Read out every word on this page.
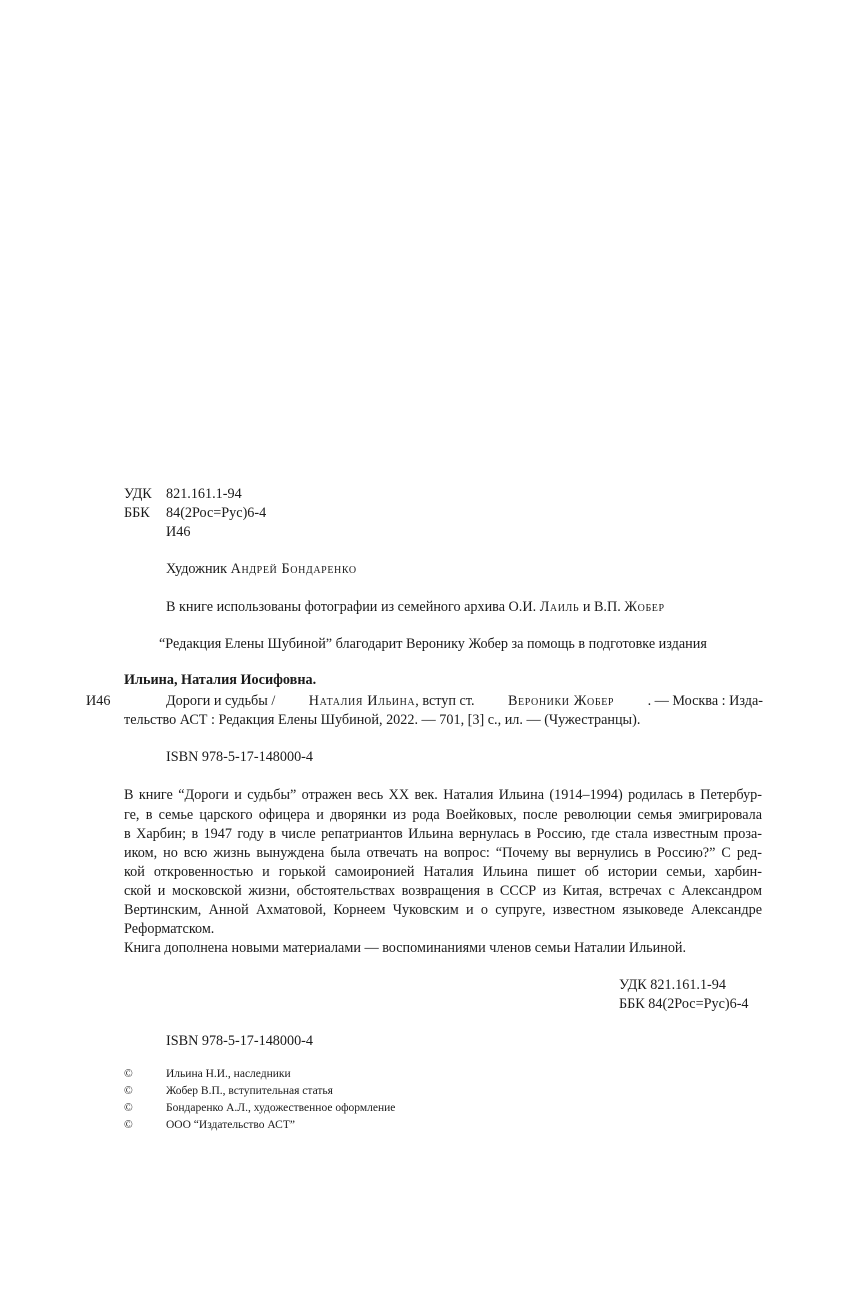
УДК 821.161.1-94
ББК 84(2Рос=Рус)6-4
И46
Художник Андрей Бондаренко
В книге использованы фотографии из семейного архива О.И. Лаиль и В.П. Жобер
“Редакция Елены Шубиной” благодарит Веронику Жобер за помощь в подготовке издания
Ильина, Наталия Иосифовна.
И46	Дороги и судьбы / Наталия Ильина, вступ ст. Вероники Жобер . — Москва : Изда-
тельство АСТ : Редакция Елены Шубиной, 2022. — 701, [3] с., ил. — (Чужестранцы).
ISBN 978-5-17-148000-4
В книге “Дороги и судьбы” отражен весь XX век. Наталия Ильина (1914–1994) родилась в Петербур-
ге, в семье царского офицера и дворянки из рода Воейковых, после революции семья эмигрировала
в Харбин; в 1947 году в числе репатриантов Ильина вернулась в Россию, где стала известным проза-
иком, но всю жизнь вынуждена была отвечать на вопрос: “Почему вы вернулись в Россию?” С ред-
кой откровенностью и горькой самоиронией Наталия Ильина пишет об истории семьи, харбин-
ской и московской жизни, обстоятельствах возвращения в СССР из Китая, встречах с Александром
Вертинским, Анной Ахматовой, Корнеем Чуковским и о супруге, известном языковеде Александре
Реформатском.
Книга дополнена новыми материалами — воспоминаниями членов семьи Наталии Ильиной.
УДК 821.161.1-94
ББК 84(2Рос=Рус)6-4
ISBN 978-5-17-148000-4
©	Ильина Н.И., наследники
©	Жобер В.П., вступительная статья
©	Бондаренко А.Л., художественное оформление
©	ООО “Издательство АСТ”
